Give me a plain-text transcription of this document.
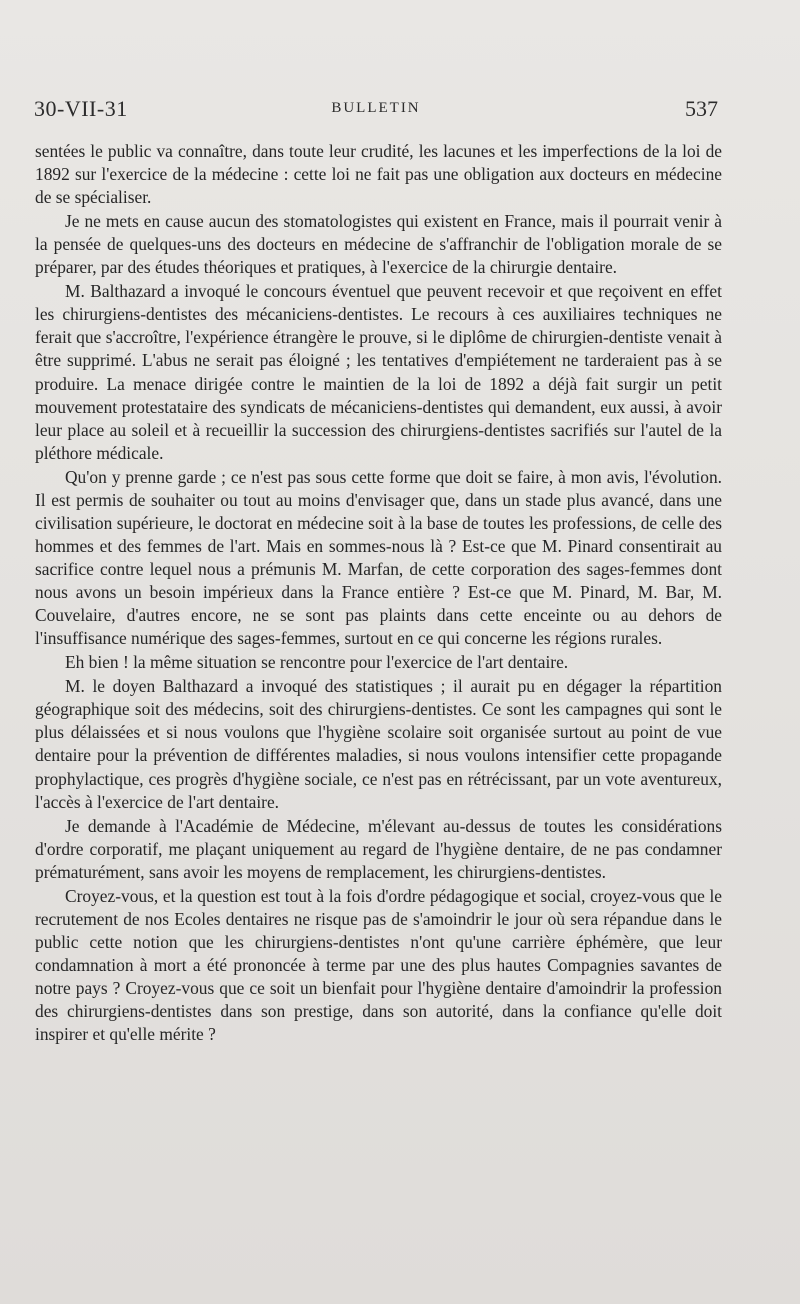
30-VII-31	BULLETIN	537

sentées le public va connaître, dans toute leur crudité, les lacunes et les imperfections de la loi de 1892 sur l'exercice de la médecine : cette loi ne fait pas une obligation aux docteurs en médecine de se spécialiser.

Je ne mets en cause aucun des stomatologistes qui existent en France, mais il pourrait venir à la pensée de quelques-uns des docteurs en médecine de s'affranchir de l'obligation morale de se préparer, par des études théoriques et pratiques, à l'exercice de la chirurgie dentaire.

M. Balthazard a invoqué le concours éventuel que peuvent recevoir et que reçoivent en effet les chirurgiens-dentistes des mécaniciens-dentistes. Le recours à ces auxiliaires techniques ne ferait que s'accroître, l'expérience étrangère le prouve, si le diplôme de chirurgien-dentiste venait à être supprimé. L'abus ne serait pas éloigné ; les tentatives d'empiétement ne tarderaient pas à se produire. La menace dirigée contre le maintien de la loi de 1892 a déjà fait surgir un petit mouvement protestataire des syndicats de mécaniciens-dentistes qui demandent, eux aussi, à avoir leur place au soleil et à recueillir la succession des chirurgiens-dentistes sacrifiés sur l'autel de la pléthore médicale.

Qu'on y prenne garde ; ce n'est pas sous cette forme que doit se faire, à mon avis, l'évolution. Il est permis de souhaiter ou tout au moins d'envisager que, dans un stade plus avancé, dans une civilisation supérieure, le doctorat en médecine soit à la base de toutes les professions, de celle des hommes et des femmes de l'art. Mais en sommes-nous là ? Est-ce que M. Pinard consentirait au sacrifice contre lequel nous a prémunis M. Marfan, de cette corporation des sages-femmes dont nous avons un besoin impérieux dans la France entière ? Est-ce que M. Pinard, M. Bar, M. Couvelaire, d'autres encore, ne se sont pas plaints dans cette enceinte ou au dehors de l'insuffisance numérique des sages-femmes, surtout en ce qui concerne les régions rurales.

Eh bien ! la même situation se rencontre pour l'exercice de l'art dentaire.

M. le doyen Balthazard a invoqué des statistiques ; il aurait pu en dégager la répartition géographique soit des médecins, soit des chirurgiens-dentistes. Ce sont les campagnes qui sont le plus délaissées et si nous voulons que l'hygiène scolaire soit organisée surtout au point de vue dentaire pour la prévention de différentes maladies, si nous voulons intensifier cette propagande prophylactique, ces progrès d'hygiène sociale, ce n'est pas en rétrécissant, par un vote aventureux, l'accès à l'exercice de l'art dentaire.

Je demande à l'Académie de Médecine, m'élevant au-dessus de toutes les considérations d'ordre corporatif, me plaçant uniquement au regard de l'hygiène dentaire, de ne pas condamner prématurément, sans avoir les moyens de remplacement, les chirurgiens-dentistes.

Croyez-vous, et la question est tout à la fois d'ordre pédagogique et social, croyez-vous que le recrutement de nos Ecoles dentaires ne risque pas de s'amoindrir le jour où sera répandue dans le public cette notion que les chirurgiens-dentistes n'ont qu'une carrière éphémère, que leur condamnation à mort a été prononcée à terme par une des plus hautes Compagnies savantes de notre pays ? Croyez-vous que ce soit un bienfait pour l'hygiène dentaire d'amoindrir la profession des chirurgiens-dentistes dans son prestige, dans son autorité, dans la confiance qu'elle doit inspirer et qu'elle mérite ?
